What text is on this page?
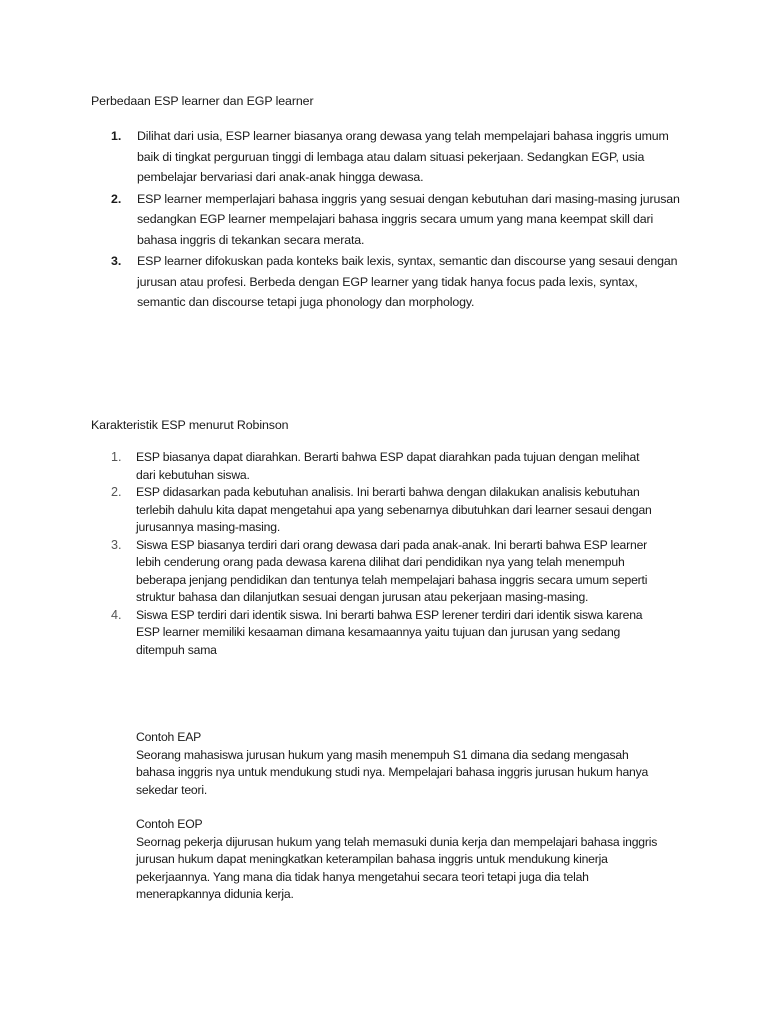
Perbedaan ESP learner dan EGP learner
1.	Dilihat dari usia, ESP learner biasanya orang dewasa yang telah mempelajari bahasa inggris umum baik di tingkat perguruan tinggi di lembaga atau dalam situasi pekerjaan. Sedangkan EGP, usia pembelajar bervariasi dari anak-anak hingga dewasa.
2.	ESP learner memperlajari bahasa inggris yang sesuai dengan kebutuhan dari masing-masing jurusan sedangkan EGP learner mempelajari bahasa inggris secara umum yang mana keempat skill dari bahasa inggris di tekankan secara merata.
3.	ESP learner difokuskan pada konteks baik lexis, syntax, semantic dan discourse yang sesaui dengan jurusan atau profesi. Berbeda dengan EGP learner yang tidak hanya focus pada lexis, syntax, semantic dan discourse tetapi juga phonology dan morphology.
Karakteristik ESP menurut Robinson
1.	ESP biasanya dapat diarahkan. Berarti bahwa ESP dapat diarahkan pada tujuan dengan melihat dari kebutuhan siswa.
2.	ESP didasarkan pada kebutuhan analisis. Ini berarti bahwa dengan dilakukan analisis kebutuhan terlebih dahulu kita dapat mengetahui apa yang sebenarnya dibutuhkan dari learner sesaui dengan jurusannya masing-masing.
3.	Siswa ESP biasanya terdiri dari orang dewasa dari pada anak-anak. Ini berarti bahwa ESP learner lebih cenderung orang pada dewasa karena dilihat dari pendidikan nya yang telah menempuh beberapa jenjang pendidikan dan tentunya telah mempelajari bahasa inggris secara umum seperti struktur bahasa dan dilanjutkan sesuai dengan jurusan atau pekerjaan masing-masing.
4.	Siswa ESP terdiri dari identik siswa. Ini berarti bahwa ESP lerener terdiri dari identik siswa karena ESP learner memiliki kesaaman dimana kesamaannya yaitu tujuan dan jurusan yang sedang ditempuh sama
Contoh EAP
Seorang mahasiswa jurusan hukum yang masih menempuh S1 dimana dia sedang mengasah bahasa inggris nya untuk mendukung studi nya. Mempelajari bahasa inggris jurusan hukum hanya sekedar teori.
Contoh EOP
Seornag pekerja dijurusan hukum yang telah memasuki dunia kerja dan mempelajari bahasa inggris jurusan hukum dapat meningkatkan keterampilan bahasa inggris untuk mendukung kinerja pekerjaannya. Yang mana dia tidak hanya mengetahui secara teori tetapi juga dia telah menerapkannya didunia kerja.
